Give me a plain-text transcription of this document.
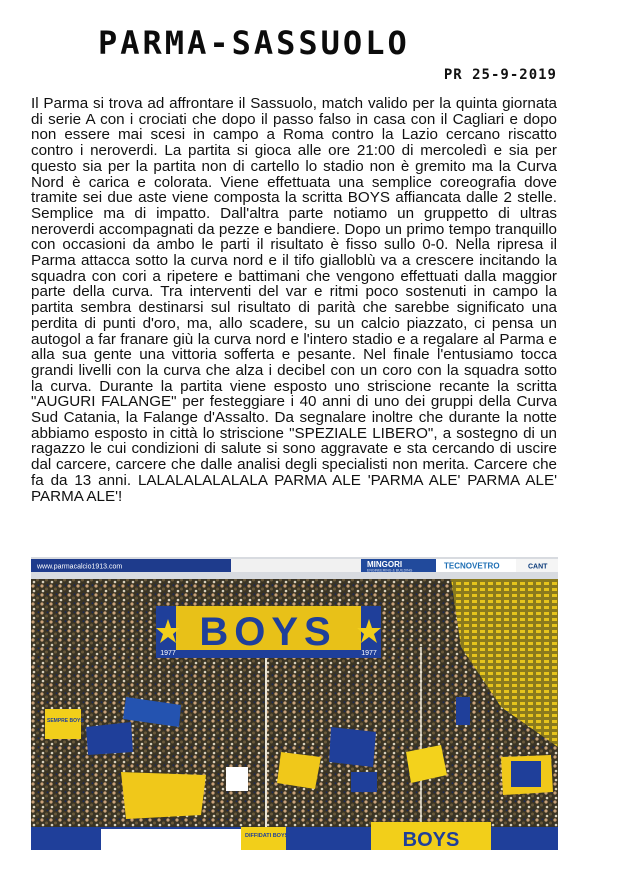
PARMA-SASSUOLO
PR 25-9-2019
Il Parma si trova ad affrontare il Sassuolo, match valido per la quinta giornata di serie A con i crociati che dopo il passo falso in casa con il Cagliari e dopo non essere mai scesi in campo a Roma contro la Lazio cercano riscatto contro i neroverdi. La partita si gioca alle ore 21:00 di mercoledì e sia per questo sia per la partita non di cartello lo stadio non è gremito ma la Curva Nord è carica e colorata. Viene effettuata una semplice coreografia dove tramite sei due aste viene composta la scritta BOYS affiancata dalle 2 stelle. Semplice ma di impatto. Dall'altra parte notiamo un gruppetto di ultras neroverdi accompagnati da pezze e bandiere. Dopo un primo tempo tranquillo con occasioni da ambo le parti il risultato è fisso sullo 0-0. Nella ripresa il Parma attacca sotto la curva nord e il tifo gialloblù va a crescere incitando la squadra con cori a ripetere e battimani che vengono effettuati dalla maggior parte della curva. Tra interventi del var e ritmi poco sostenuti in campo la partita sembra destinarsi sul risultato di parità che sarebbe significato una perdita di punti d'oro, ma, allo scadere, su un calcio piazzato, ci pensa un autogol a far franare giù la curva nord e l'intero stadio e a regalare al Parma e alla sua gente una vittoria sofferta e pesante. Nel finale l'entusiamo tocca grandi livelli con la curva che alza i decibel con un coro con la squadra sotto la curva. Durante la partita viene esposto uno striscione recante la scritta "AUGURI FALANGE" per festeggiare i 40 anni di uno dei gruppi della Curva Sud Catania, la Falange d'Assalto. Da segnalare inoltre che durante la notte abbiamo esposto in città lo striscione "SPEZIALE LIBERO", a sostegno di un ragazzo le cui condizioni di salute si sono aggravate e sta cercando di uscire dal carcere, carcere che dalle analisi degli specialisti non merita. Carcere che fa da 13 anni. LALALALALALALA PARMA ALE 'PARMA ALE' PARMA ALE' PARMA ALE'!
www.parmacalcio1913.com	MINGORI
ENGINEERING & BUILDING	TECNOVETRO	CANT
BOYS
1977	1977
SEMPRE BOYS
DIFFIDATI BOYS	BOYS
